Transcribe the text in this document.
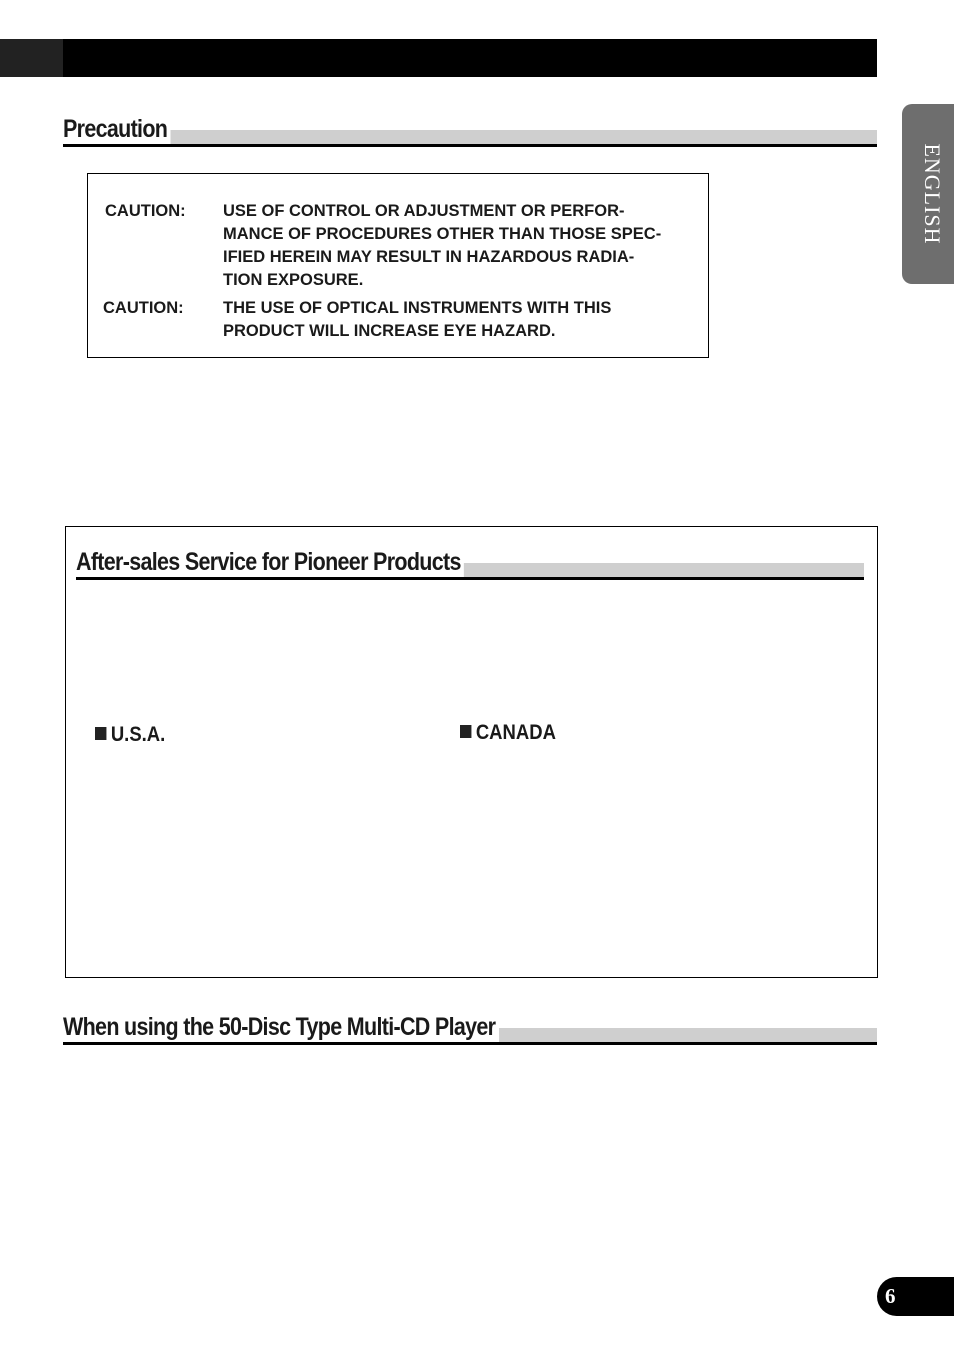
ENGLISH
Precaution
CAUTION: USE OF CONTROL OR ADJUSTMENT OR PERFOR-
MANCE OF PROCEDURES OTHER THAN THOSE SPEC-
IFIED HEREIN MAY RESULT IN HAZARDOUS RADIA-
TION EXPOSURE.
CAUTION: THE USE OF OPTICAL INSTRUMENTS WITH THIS
PRODUCT WILL INCREASE EYE HAZARD.
After-sales Service for Pioneer Products
U.S.A.	CANADA
When using the 50-Disc Type Multi-CD Player
6
